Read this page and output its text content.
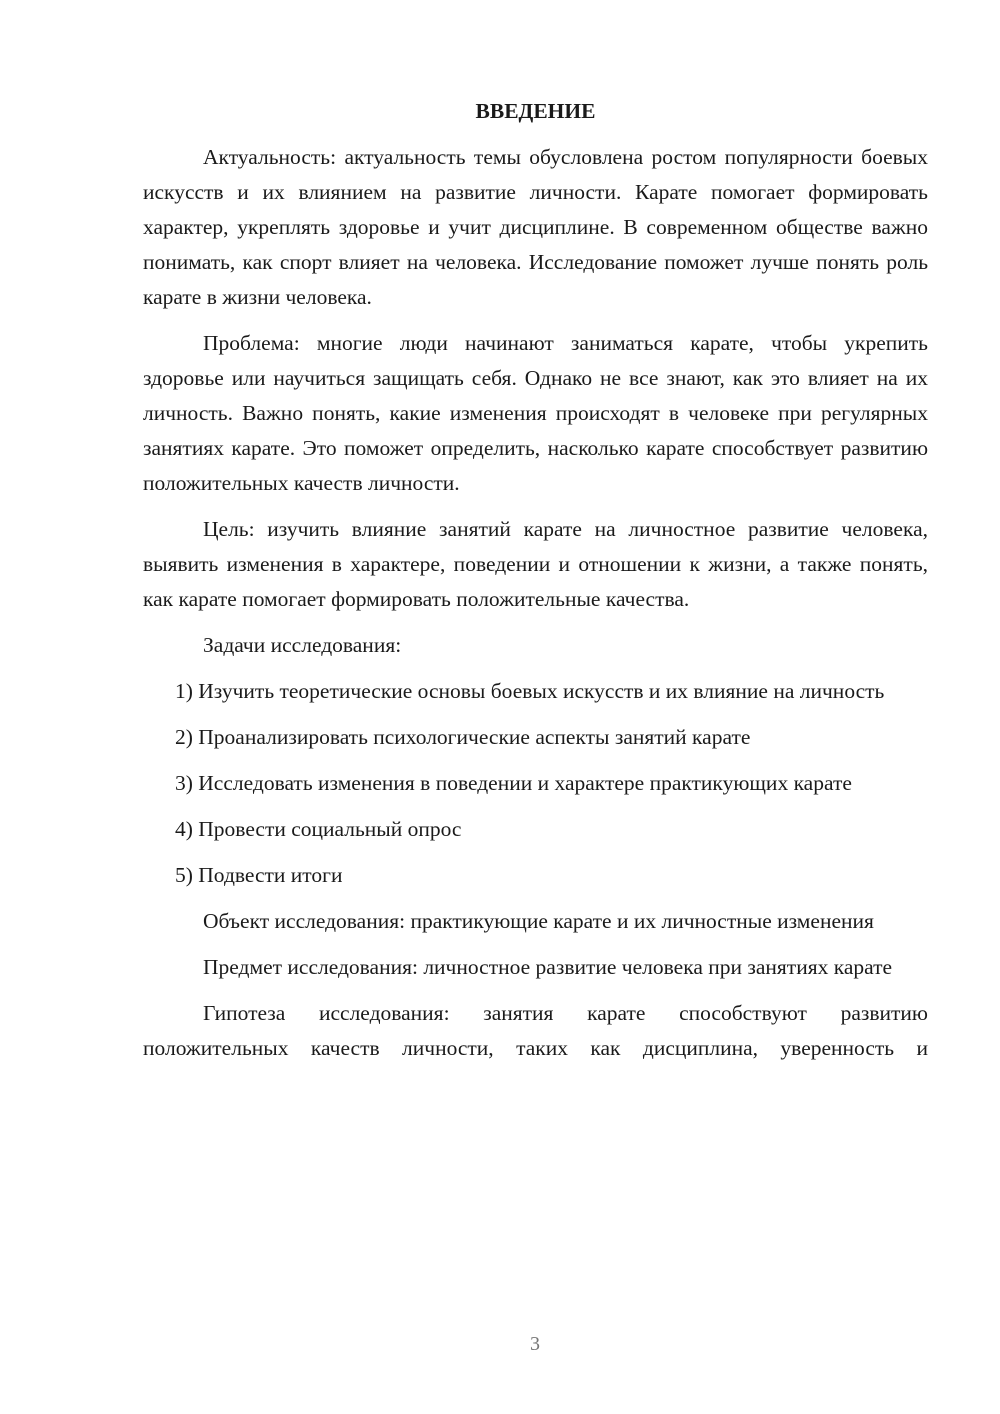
ВВЕДЕНИЕ

Актуальность: актуальность темы обусловлена ростом популярности боевых искусств и их влиянием на развитие личности. Карате помогает формировать характер, укреплять здоровье и учит дисциплине. В современном обществе важно понимать, как спорт влияет на человека. Исследование поможет лучше понять роль карате в жизни человека.

Проблема: многие люди начинают заниматься карате, чтобы укрепить здоровье или научиться защищать себя. Однако не все знают, как это влияет на их личность. Важно понять, какие изменения происходят в человеке при регулярных занятиях карате. Это поможет определить, насколько карате способствует развитию положительных качеств личности.

Цель: изучить влияние занятий карате на личностное развитие человека, выявить изменения в характере, поведении и отношении к жизни, а также понять, как карате помогает формировать положительные качества.

Задачи исследования:

1) Изучить теоретические основы боевых искусств и их влияние на личность

2) Проанализировать психологические аспекты занятий карате

3) Исследовать изменения в поведении и характере практикующих карате

4) Провести социальный опрос

5) Подвести итоги

Объект исследования: практикующие карате и их личностные изменения

Предмет исследования: личностное развитие человека при занятиях карате

Гипотеза исследования: занятия карате способствуют развитию положительных качеств личности, таких как дисциплина, уверенность и

3
